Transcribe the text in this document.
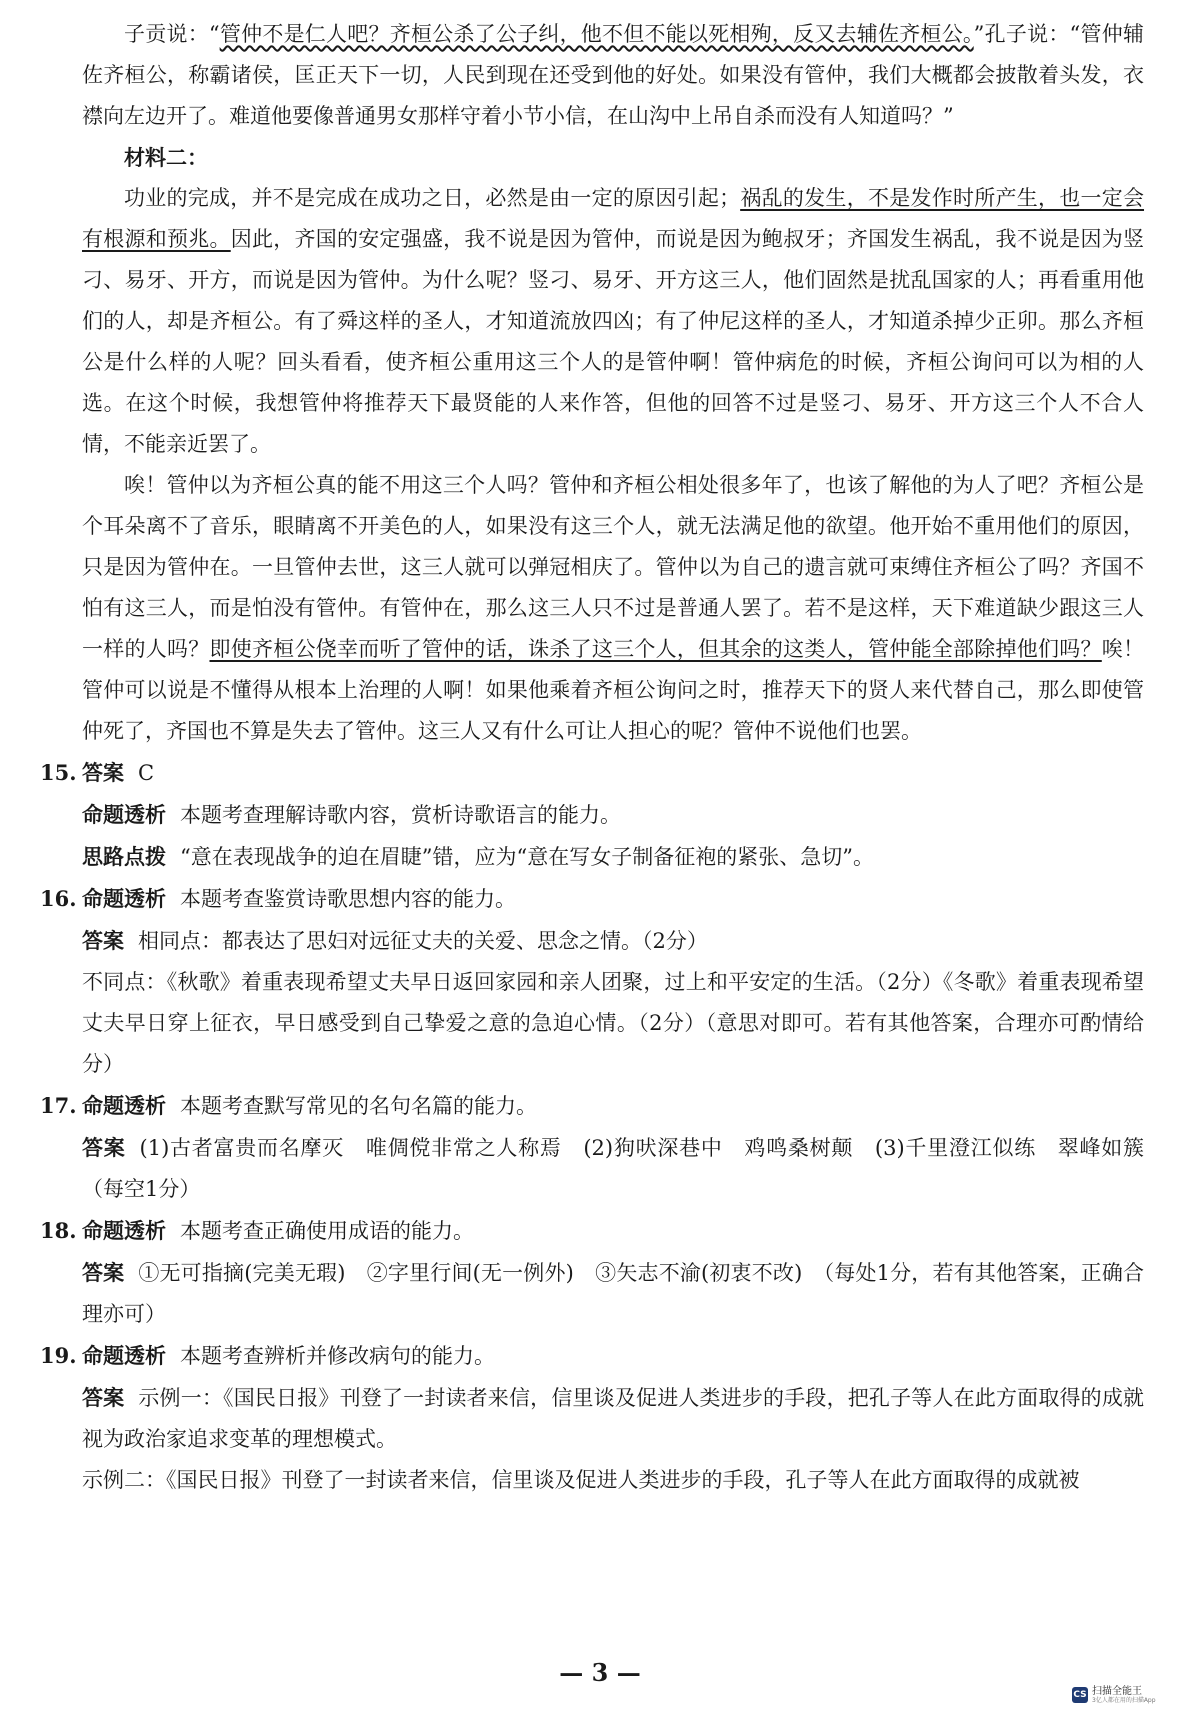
子贡说：“管仲不是仁人吧？齐桓公杀了公子纠，他不但不能以死相殉，反又去辅佐齐桓公。”孔子说：“管仲辅佐齐桓公，称霸诸侯，匡正天下一切，人民到现在还受到他的好处。如果没有管仲，我们大概都会披散着头发，衣襟向左边开了。难道他要像普通男女那样守着小节小信，在山沟中上吊自杀而没有人知道吗？”

材料二：

功业的完成，并不是完成在成功之日，必然是由一定的原因引起；祸乱的发生，不是发作时所产生，也一定会有根源和预兆。因此，齐国的安定强盛，我不说是因为管仲，而说是因为鲍叔牙；齐国发生祸乱，我不说是因为竖刁、易牙、开方，而说是因为管仲。为什么呢？竖刁、易牙、开方这三人，他们固然是扰乱国家的人；再看重用他们的人，却是齐桓公。有了舜这样的圣人，才知道流放四凶；有了仲尼这样的圣人，才知道杀掉少正卯。那么齐桓公是什么样的人呢？回头看看，使齐桓公重用这三个人的是管仲啊！管仲病危的时候，齐桓公询问可以为相的人选。在这个时候，我想管仲将推荐天下最贤能的人来作答，但他的回答不过是竖刁、易牙、开方这三个人不合人情，不能亲近罢了。

唉！管仲以为齐桓公真的能不用这三个人吗？管仲和齐桓公相处很多年了，也该了解他的为人了吧？齐桓公是个耳朵离不了音乐，眼睛离不开美色的人，如果没有这三个人，就无法满足他的欲望。他开始不重用他们的原因，只是因为管仲在。一旦管仲去世，这三人就可以弹冠相庆了。管仲以为自己的遗言就可束缚住齐桓公了吗？齐国不怕有这三人，而是怕没有管仲。有管仲在，那么这三人只不过是普通人罢了。若不是这样，天下难道缺少跟这三人一样的人吗？即使齐桓公侥幸而听了管仲的话，诛杀了这三个人，但其余的这类人，管仲能全部除掉他们吗？唉！管仲可以说是不懂得从根本上治理的人啊！如果他乘着齐桓公询问之时，推荐天下的贤人来代替自己，那么即使管仲死了，齐国也不算是失去了管仲。这三人又有什么可让人担心的呢？管仲不说他们也罢。

15. 答案 C

命题透析 本题考查理解诗歌内容，赏析诗歌语言的能力。

思路点拨 “意在表现战争的迫在眉睫”错，应为“意在写女子制备征袍的紧张、急切”。

16. 命题透析 本题考查鉴赏诗歌思想内容的能力。

答案 相同点：都表达了思妇对远征丈夫的关爱、思念之情。（2分）

不同点：《秋歌》着重表现希望丈夫早日返回家园和亲人团聚，过上和平安定的生活。（2分）《冬歌》着重表现希望丈夫早日穿上征衣，早日感受到自己挚爱之意的急迫心情。（2分）（意思对即可。若有其他答案，合理亦可酌情给分）

17. 命题透析 本题考查默写常见的名句名篇的能力。

答案 (1)古者富贵而名摩灭　唯倜傥非常之人称焉　(2)狗吠深巷中　鸡鸣桑树颠　(3)千里澄江似练　翠峰如簇　（每空1分）

18. 命题透析 本题考查正确使用成语的能力。

答案 ①无可指摘(完美无瑕)　②字里行间(无一例外)　③矢志不渝(初衷不改)　（每处1分，若有其他答案，正确合理亦可）

19. 命题透析 本题考查辨析并修改病句的能力。

答案 示例一：《国民日报》刊登了一封读者来信，信里谈及促进人类进步的手段，把孔子等人在此方面取得的成就视为政治家追求变革的理想模式。

示例二：《国民日报》刊登了一封读者来信，信里谈及促进人类进步的手段，孔子等人在此方面取得的成就被

— 3 —
CS 扫描全能王
3亿人都在用的扫描App
